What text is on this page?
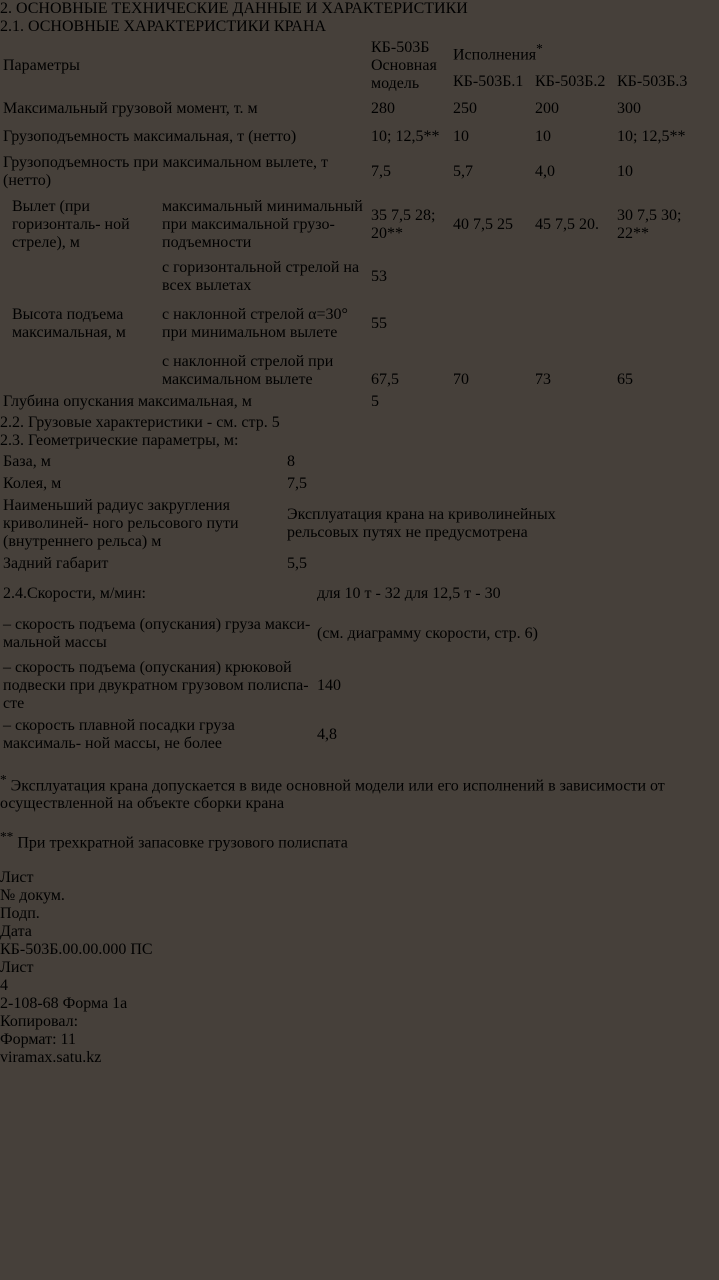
2. ОСНОВНЫЕ ТЕХНИЧЕСКИЕ ДАННЫЕ И ХАРАКТЕРИСТИКИ
2.1. ОСНОВНЫЕ ХАРАКТЕРИСТИКИ КРАНА
Параметры		КБ-503Б Основная модель	Исполнения*
			КБ-503Б.1	КБ-503Б.2	КБ-503Б.3
Максимальный грузовой момент, т. м		280	250	200	300
Грузоподъемность максимальная, т (нетто)		10; 12,5**	10	10	10; 12,5**
Грузоподъемность при максимальном вылете, т (нетто)		7,5	5,7	4,0	10
Вылет (при горизонталь- ной стреле), м	максимальный минимальный при максимальной грузо- подъемности	35 7,5 28; 20**	40 7,5 25	45 7,5 20.	30 7,5 30; 22**
Высота подъема максимальная, м	с горизонтальной стрелой на всех вылетах	53			
	с наклонной стрелой α=30° при минимальном вылете	55			
	с наклонной стрелой при максимальном вылете	67,5	70	73	65
Глубина опускания максимальная, м		5			
2.2. Грузовые характеристики - см. стр. 5
2.3. Геометрические параметры, м:
База, м	8
Колея, м	7,5
Наименьший радиус закругления криволиней- ного рельсового пути (внутреннего рельса) м	Эксплуатация крана на криволинейных рельсовых путях не предусмотрена
Задний габарит	5,5
2.4.Скорости, м/мин:	для 10 т - 32 для 12,5 т - 30
– скорость подъема (опускания) груза макси- мальной массы	(см. диаграмму скорости, стр. 6)
– скорость подъема (опускания) крюковой подвески при двукратном грузовом полиспа- сте	140
– скорость плавной посадки груза максималь- ной массы, не более	4,8

* Эксплуатация крана допускается в виде основной модели или его исполнений в зависимости от осуществленной на объекте сборки крана

** При трехкратной запасовке грузового полиспата

Лист
№ докум.
Подп.
Дата
КБ-503Б.00.00.000 ПС
Лист
4
2-108-68 Форма 1а
Копировал:
Формат: 11
viramax.satu.kz
